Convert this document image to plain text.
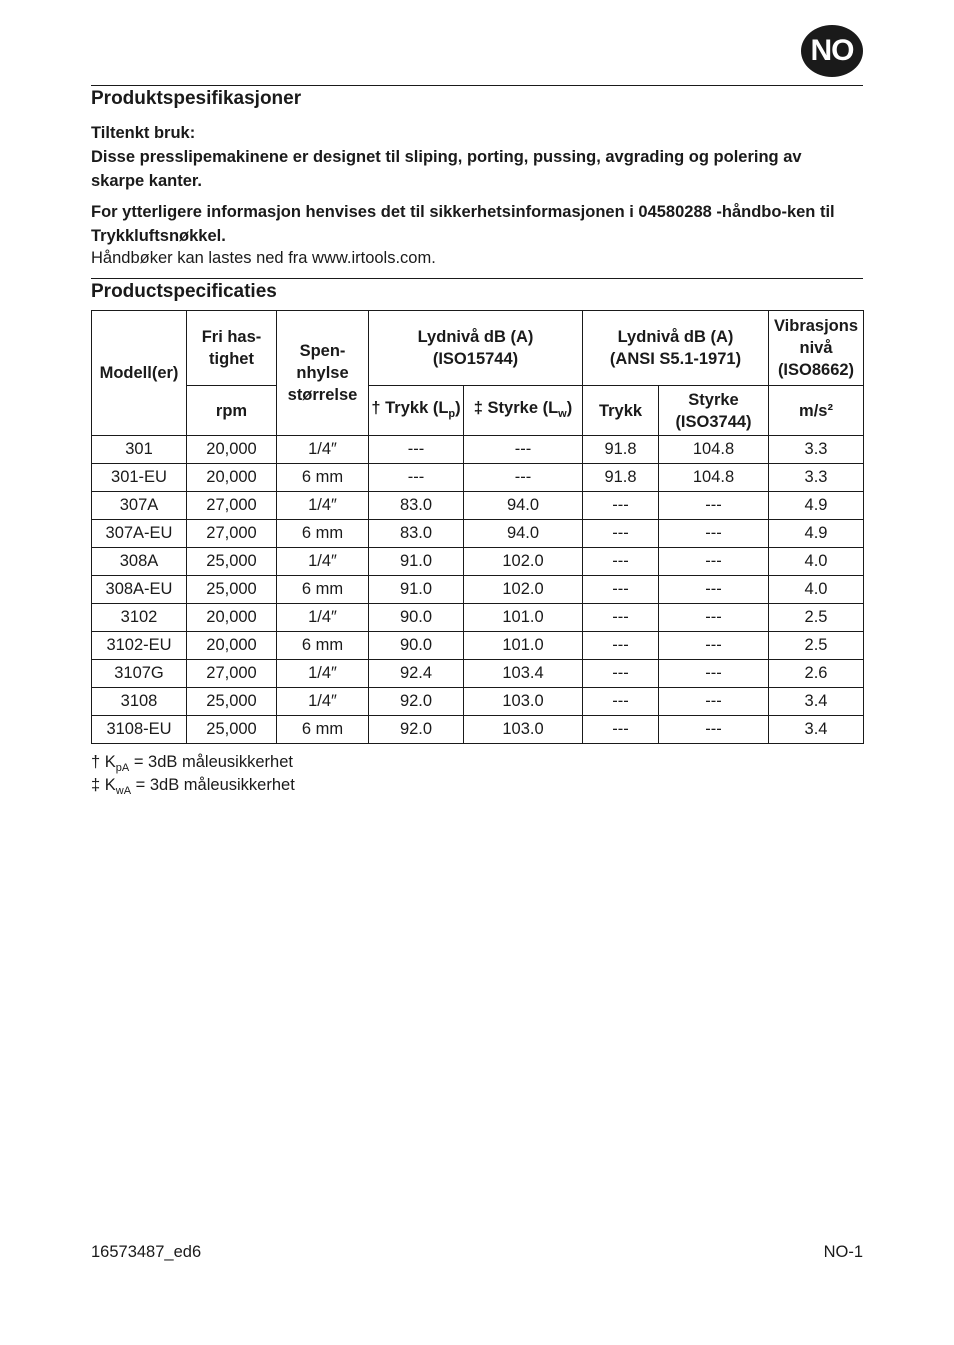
NO
Produktspesifikasjoner
Tiltenkt bruk:
Disse presslipemakinene er designet til sliping, porting, pussing, avgrading og polering av skarpe kanter.
For ytterligere informasjon henvises det til sikkerhetsinformasjonen i 04580288 -håndbo-ken til Trykkluftsnøkkel.
Håndbøker kan lastes ned fra www.irtools.com.
Productspecificaties
Modell(er)	Fri has-tighet	Spen-nhylse størrelse	Lydnivå dB (A) (ISO15744)		Lydnivå dB (A) (ANSI S5.1-1971)		Vibrasjons nivå (ISO8662)
	rpm		† Trykk $(L_p)$	‡ Styrke $(L_w)$	Trykk	Styrke (ISO3744)	m/s²
301	20,000	1/4″	---	---	91.8	104.8	3.3
301-EU	20,000	6 mm	---	---	91.8	104.8	3.3
307A	27,000	1/4″	83.0	94.0	---	---	4.9
307A-EU	27,000	6 mm	83.0	94.0	---	---	4.9
308A	25,000	1/4″	91.0	102.0	---	---	4.0
308A-EU	25,000	6 mm	91.0	102.0	---	---	4.0
3102	20,000	1/4″	90.0	101.0	---	---	2.5
3102-EU	20,000	6 mm	90.0	101.0	---	---	2.5
3107G	27,000	1/4″	92.4	103.4	---	---	2.6
3108	25,000	1/4″	92.0	103.0	---	---	3.4
3108-EU	25,000	6 mm	92.0	103.0	---	---	3.4
† $K_{pA} = 3dB$ måleusikkerhet
‡ $K_{wA} = 3dB$ måleusikkerhet
16573487_ed6	NO-1
